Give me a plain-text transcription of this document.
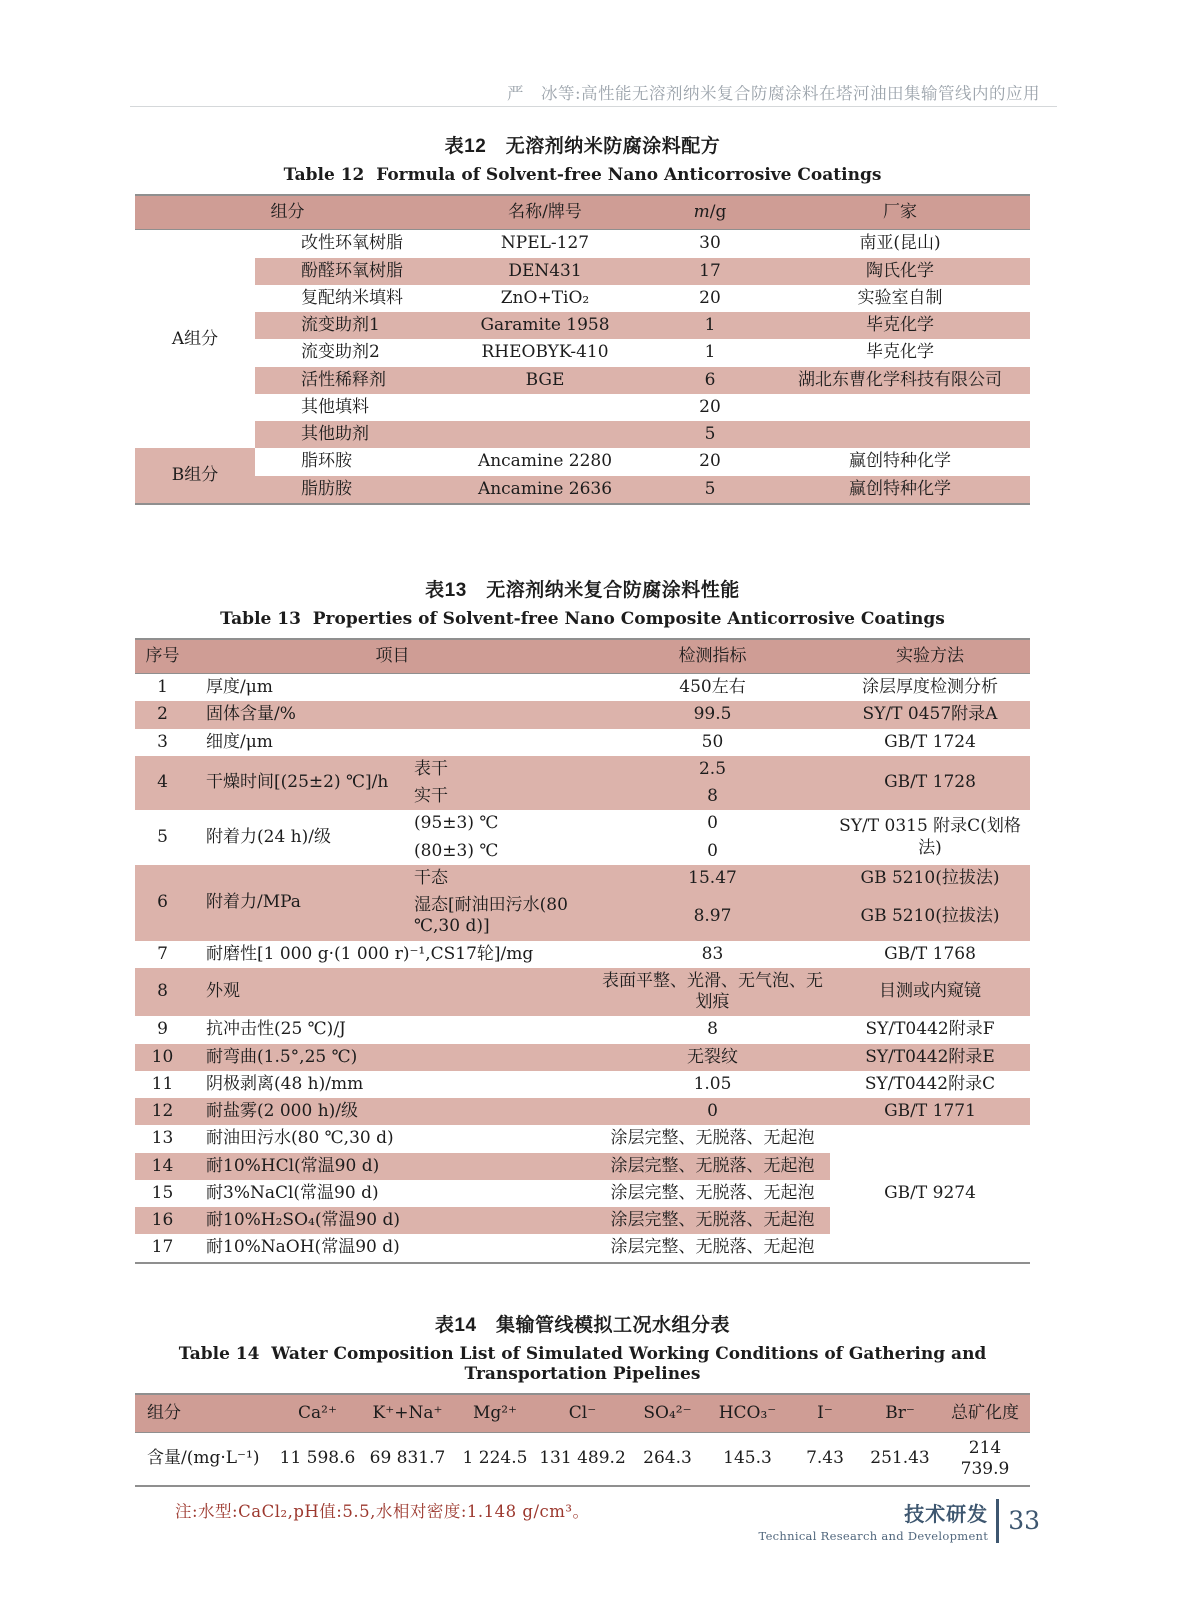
严　冰等:高性能无溶剂纳米复合防腐涂料在塔河油田集输管线内的应用
表12　无溶剂纳米防腐涂料配方
Table 12  Formula of Solvent-free Nano Anticorrosive Coatings
组分		名称/牌号	m/g	厂家
A组分	改性环氧树脂	NPEL-127	30	南亚(昆山)
	酚醛环氧树脂	DEN431	17	陶氏化学
	复配纳米填料	ZnO+TiO₂	20	实验室自制
	流变助剂1	Garamite 1958	1	毕克化学
	流变助剂2	RHEOBYK-410	1	毕克化学
	活性稀释剂	BGE	6	湖北东曹化学科技有限公司
	其他填料		20	
	其他助剂		5	
B组分	脂环胺	Ancamine 2280	20	赢创特种化学
	脂肪胺	Ancamine 2636	5	赢创特种化学
表13　无溶剂纳米复合防腐涂料性能
Table 13  Properties of Solvent-free Nano Composite Anticorrosive Coatings
序号	项目		检测指标	实验方法
1	厚度/μm		450左右	涂层厚度检测分析
2	固体含量/%		99.5	SY/T 0457附录A
3	细度/μm		50	GB/T 1724
4	干燥时间[(25±2) ℃]/h	表干	2.5	GB/T 1728
		实干	8	
5	附着力(24 h)/级	(95±3) ℃	0	SY/T 0315 附录C(划格法)
		(80±3) ℃	0	
6	附着力/MPa	干态	15.47	GB 5210(拉拔法)
		湿态[耐油田污水(80 ℃,30 d)]	8.97	GB 5210(拉拔法)
7	耐磨性[1 000 g·(1 000 r)⁻¹,CS17轮]/mg		83	GB/T 1768
8	外观		表面平整、光滑、无气泡、无划痕	目测或内窥镜
9	抗冲击性(25 ℃)/J		8	SY/T0442附录F
10	耐弯曲(1.5°,25 ℃)		无裂纹	SY/T0442附录E
11	阴极剥离(48 h)/mm		1.05	SY/T0442附录C
12	耐盐雾(2 000 h)/级		0	GB/T 1771
13	耐油田污水(80 ℃,30 d)		涂层完整、无脱落、无起泡	GB/T 9274
14	耐10%HCl(常温90 d)		涂层完整、无脱落、无起泡	
15	耐3%NaCl(常温90 d)		涂层完整、无脱落、无起泡	
16	耐10%H₂SO₄(常温90 d)		涂层完整、无脱落、无起泡	
17	耐10%NaOH(常温90 d)		涂层完整、无脱落、无起泡	
表14　集输管线模拟工况水组分表
Table 14  Water Composition List of Simulated Working Conditions of Gathering and Transportation Pipelines
组分	Ca²⁺	K⁺+Na⁺	Mg²⁺	Cl⁻	SO₄²⁻	HCO₃⁻	I⁻	Br⁻	总矿化度
含量/(mg·L⁻¹)	11 598.6	69 831.7	1 224.5	131 489.2	264.3	145.3	7.43	251.43	214 739.9
注:水型:CaCl₂,pH值:5.5,水相对密度:1.148 g/cm³。	技术研发
Technical Research and Development
33
